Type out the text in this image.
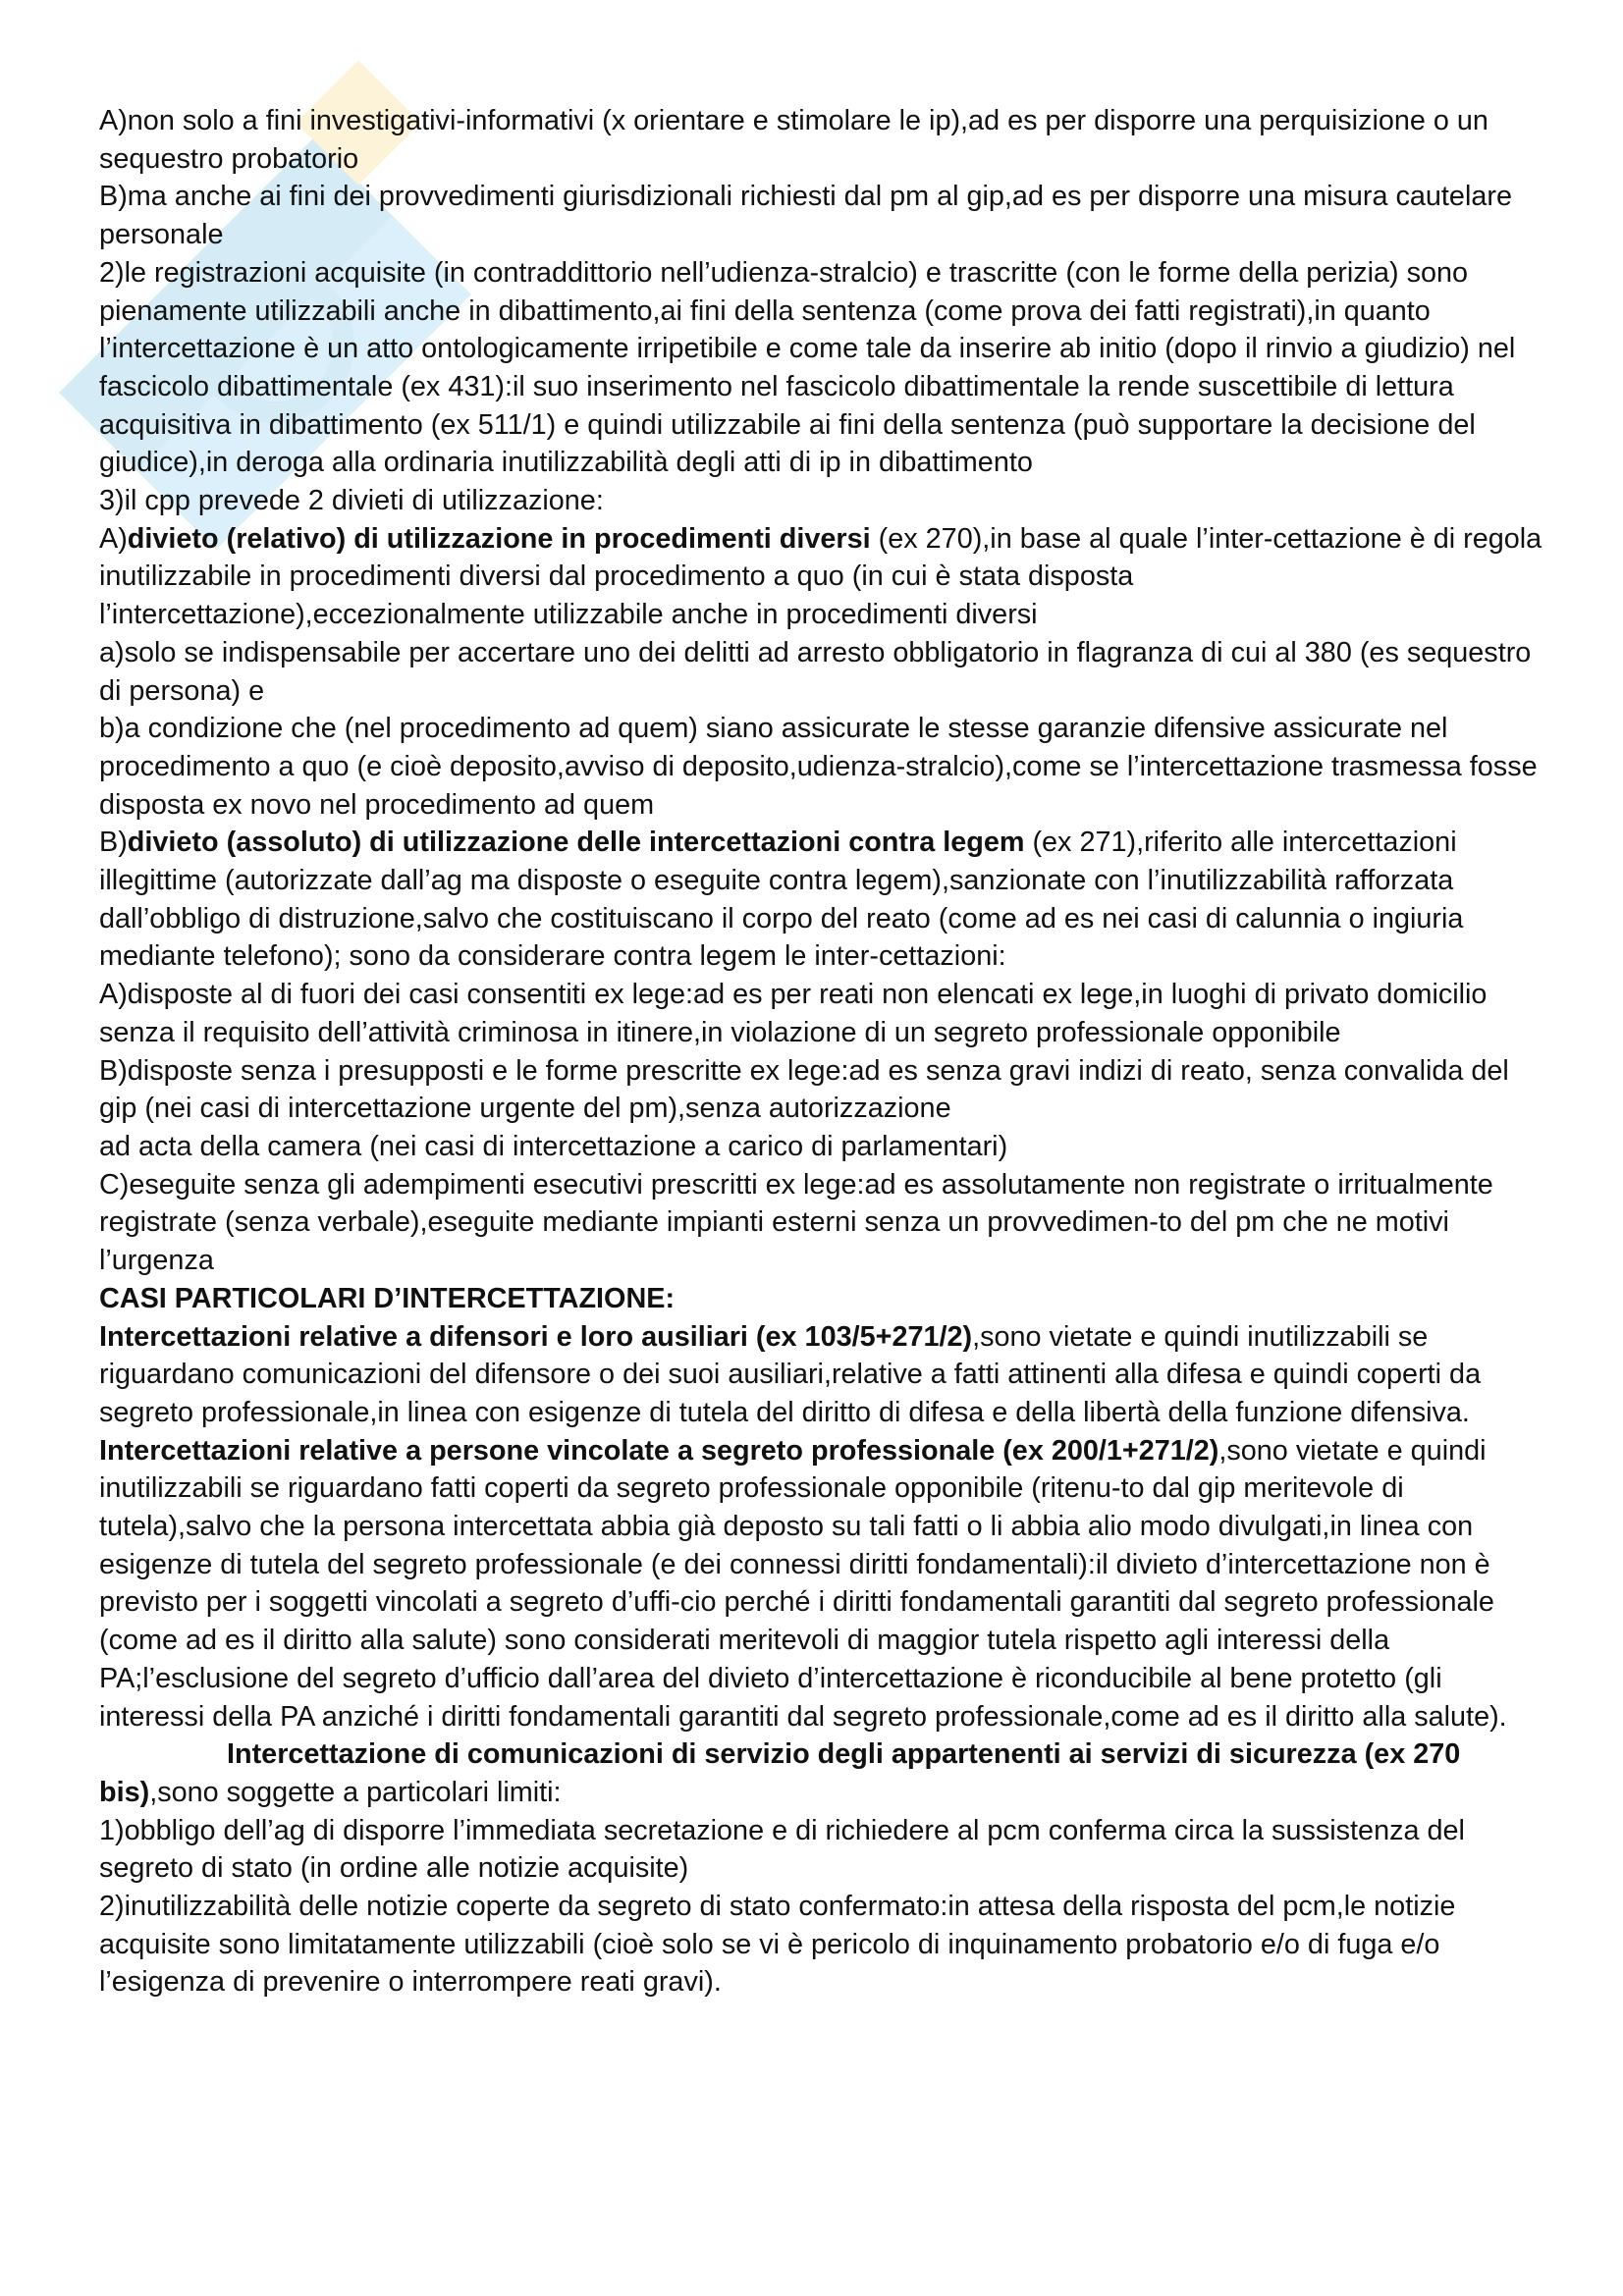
A)non solo a fini investigativi-informativi (x orientare e stimolare le ip),ad es per disporre una perquisizione o un sequestro probatorio

B)ma anche ai fini dei provvedimenti giurisdizionali richiesti dal pm al gip,ad es per disporre una misura cautelare personale

2)le registrazioni acquisite (in contraddittorio nell’udienza-stralcio) e trascritte (con le forme della perizia) sono pienamente utilizzabili anche in dibattimento,ai fini della sentenza (come prova dei fatti registrati),in quanto l’intercettazione è un atto ontologicamente irripetibile e come tale da inserire ab initio (dopo il rinvio a giudizio) nel fascicolo dibattimentale (ex 431):il suo inserimento nel fascicolo dibattimentale la rende suscettibile di lettura acquisitiva in dibattimento (ex 511/1) e quindi utilizzabile ai fini della sentenza (può supportare la decisione del giudice),in deroga alla ordinaria inutilizzabilità degli atti di ip in dibattimento

3)il cpp prevede 2 divieti di utilizzazione:

A)divieto (relativo) di utilizzazione in procedimenti diversi (ex 270),in base al quale l’inter-cettazione è di regola inutilizzabile in procedimenti diversi dal procedimento a quo (in cui è stata disposta l’intercettazione),eccezionalmente utilizzabile anche in procedimenti diversi

a)solo se indispensabile per accertare uno dei delitti ad arresto obbligatorio in flagranza di cui al 380 (es sequestro di persona) e

b)a condizione che (nel procedimento ad quem) siano assicurate le stesse garanzie difensive assicurate nel procedimento a quo (e cioè deposito,avviso di deposito,udienza-stralcio),come se l’intercettazione trasmessa fosse disposta ex novo nel procedimento ad quem

B)divieto (assoluto) di utilizzazione delle intercettazioni contra legem (ex 271),riferito alle intercettazioni illegittime (autorizzate dall’ag ma disposte o eseguite contra legem),sanzionate con l’inutilizzabilità rafforzata dall’obbligo di distruzione,salvo che costituiscano il corpo del reato (come ad es nei casi di calunnia o ingiuria mediante telefono); sono da considerare contra legem le inter-cettazioni:

A)disposte al di fuori dei casi consentiti ex lege:ad es per reati non elencati ex lege,in luoghi di privato domicilio senza il requisito dell’attività criminosa in itinere,in violazione di un segreto professionale opponibile

B)disposte senza i presupposti e le forme prescritte ex lege:ad es senza gravi indizi di reato, senza convalida del gip (nei casi di intercettazione urgente del pm),senza autorizzazione

ad acta della camera (nei casi di intercettazione a carico di parlamentari)

C)eseguite senza gli adempimenti esecutivi prescritti ex lege:ad es assolutamente non registrate o irritualmente registrate (senza verbale),eseguite mediante impianti esterni senza un provvedimen-to del pm che ne motivi l’urgenza

CASI PARTICOLARI D’INTERCETTAZIONE:

Intercettazioni relative a difensori e loro ausiliari (ex 103/5+271/2),sono vietate e quindi inutilizzabili se riguardano comunicazioni del difensore o dei suoi ausiliari,relative a fatti attinenti alla difesa e quindi coperti da segreto professionale,in linea con esigenze di tutela del diritto di difesa e della libertà della funzione difensiva.

Intercettazioni relative a persone vincolate a segreto professionale (ex 200/1+271/2),sono vietate e quindi inutilizzabili se riguardano fatti coperti da segreto professionale opponibile (ritenu-to dal gip meritevole di tutela),salvo che la persona intercettata abbia già deposto su tali fatti o li abbia alio modo divulgati,in linea con esigenze di tutela del segreto professionale (e dei connessi diritti fondamentali):il divieto d’intercettazione non è previsto per i soggetti vincolati a segreto d’uffi-cio perché i diritti fondamentali garantiti dal segreto professionale (come ad es il diritto alla salute) sono considerati meritevoli di maggior tutela rispetto agli interessi della PA;l’esclusione del segreto d’ufficio dall’area del divieto d’intercettazione è riconducibile al bene protetto (gli interessi della PA anziché i diritti fondamentali garantiti dal segreto professionale,come ad es il diritto alla salute).Intercettazione di comunicazioni di servizio degli appartenenti ai servizi di sicurezza (ex 270 bis),sono soggette a particolari limiti:

1)obbligo dell’ag di disporre l’immediata secretazione e di richiedere al pcm conferma circa la sussistenza del segreto di stato (in ordine alle notizie acquisite)

2)inutilizzabilità delle notizie coperte da segreto di stato confermato:in attesa della risposta del pcm,le notizie acquisite sono limitatamente utilizzabili (cioè solo se vi è pericolo di inquinamento probatorio e/o di fuga e/o l’esigenza di prevenire o interrompere reati gravi).
